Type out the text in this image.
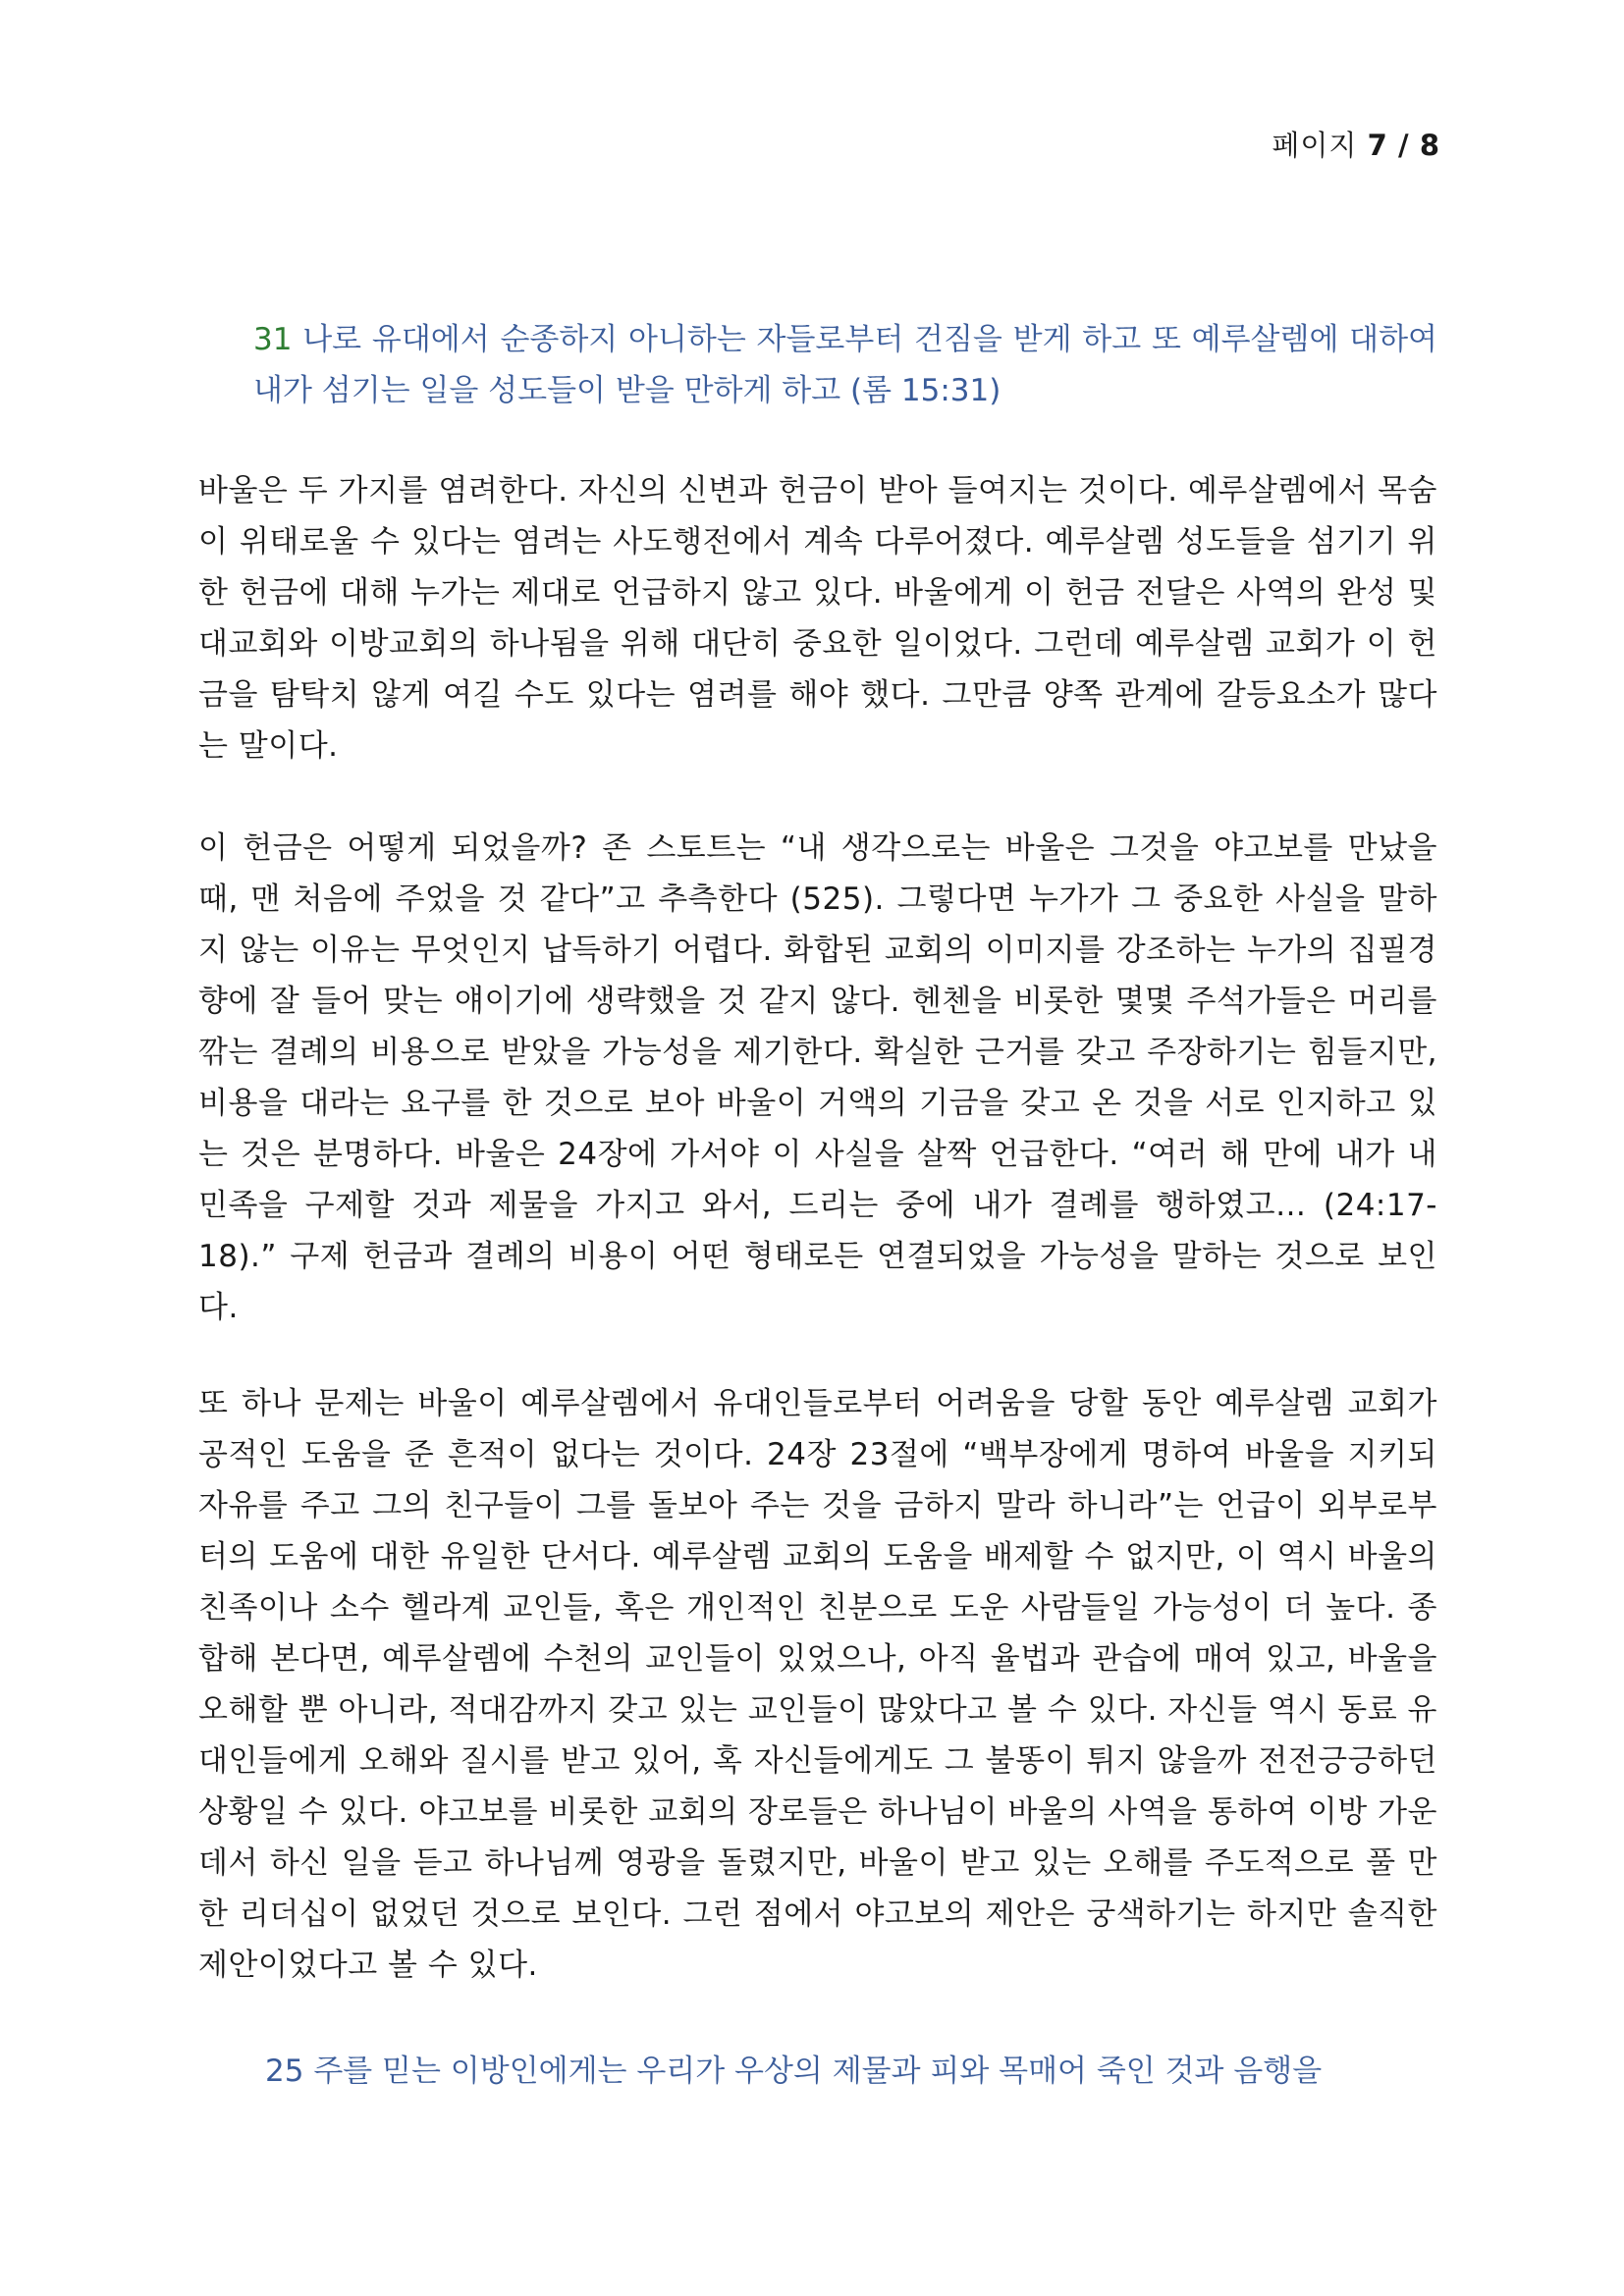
페이지 7 / 8
31 나로 유대에서 순종하지 아니하는 자들로부터 건짐을 받게 하고 또 예루살렘에 대하여 내가 섬기는 일을 성도들이 받을 만하게 하고 (롬 15:31)

바울은 두 가지를 염려한다. 자신의 신변과 헌금이 받아 들여지는 것이다. 예루살렘에서 목숨이 위태로울 수 있다는 염려는 사도행전에서 계속 다루어졌다. 예루살렘 성도들을 섬기기 위한 헌금에 대해 누가는 제대로 언급하지 않고 있다. 바울에게 이 헌금 전달은 사역의 완성 및 대교회와 이방교회의 하나됨을 위해 대단히 중요한 일이었다. 그런데 예루살렘 교회가 이 헌금을 탐탁치 않게 여길 수도 있다는 염려를 해야 했다. 그만큼 양쪽 관계에 갈등요소가 많다는 말이다.

이 헌금은 어떻게 되었을까? 존 스토트는 “내 생각으로는 바울은 그것을 야고보를 만났을 때, 맨 처음에 주었을 것 같다”고 추측한다 (525). 그렇다면 누가가 그 중요한 사실을 말하지 않는 이유는 무엇인지 납득하기 어렵다. 화합된 교회의 이미지를 강조하는 누가의 집필경향에 잘 들어 맞는 얘이기에 생략했을 것 같지 않다. 헨첸을 비롯한 몇몇 주석가들은 머리를 깎는 결례의 비용으로 받았을 가능성을 제기한다. 확실한 근거를 갖고 주장하기는 힘들지만, 비용을 대라는 요구를 한 것으로 보아 바울이 거액의 기금을 갖고 온 것을 서로 인지하고 있는 것은 분명하다. 바울은 24장에 가서야 이 사실을 살짝 언급한다. “여러 해 만에 내가 내 민족을 구제할 것과 제물을 가지고 와서, 드리는 중에 내가 결례를 행하였고… (24:17-18).” 구제 헌금과 결례의 비용이 어떤 형태로든 연결되었을 가능성을 말하는 것으로 보인다.

또 하나 문제는 바울이 예루살렘에서 유대인들로부터 어려움을 당할 동안 예루살렘 교회가 공적인 도움을 준 흔적이 없다는 것이다. 24장 23절에 “백부장에게 명하여 바울을 지키되 자유를 주고 그의 친구들이 그를 돌보아 주는 것을 금하지 말라 하니라”는 언급이 외부로부터의 도움에 대한 유일한 단서다. 예루살렘 교회의 도움을 배제할 수 없지만, 이 역시 바울의 친족이나 소수 헬라계 교인들, 혹은 개인적인 친분으로 도운 사람들일 가능성이 더 높다. 종합해 본다면, 예루살렘에 수천의 교인들이 있었으나, 아직 율법과 관습에 매여 있고, 바울을 오해할 뿐 아니라, 적대감까지 갖고 있는 교인들이 많았다고 볼 수 있다. 자신들 역시 동료 유대인들에게 오해와 질시를 받고 있어, 혹 자신들에게도 그 불똥이 튀지 않을까 전전긍긍하던 상황일 수 있다. 야고보를 비롯한 교회의 장로들은 하나님이 바울의 사역을 통하여 이방 가운데서 하신 일을 듣고 하나님께 영광을 돌렸지만, 바울이 받고 있는 오해를 주도적으로 풀 만한 리더십이 없었던 것으로 보인다. 그런 점에서 야고보의 제안은 궁색하기는 하지만 솔직한 제안이었다고 볼 수 있다.

25 주를 믿는 이방인에게는 우리가 우상의 제물과 피와 목매어 죽인 것과 음행을
